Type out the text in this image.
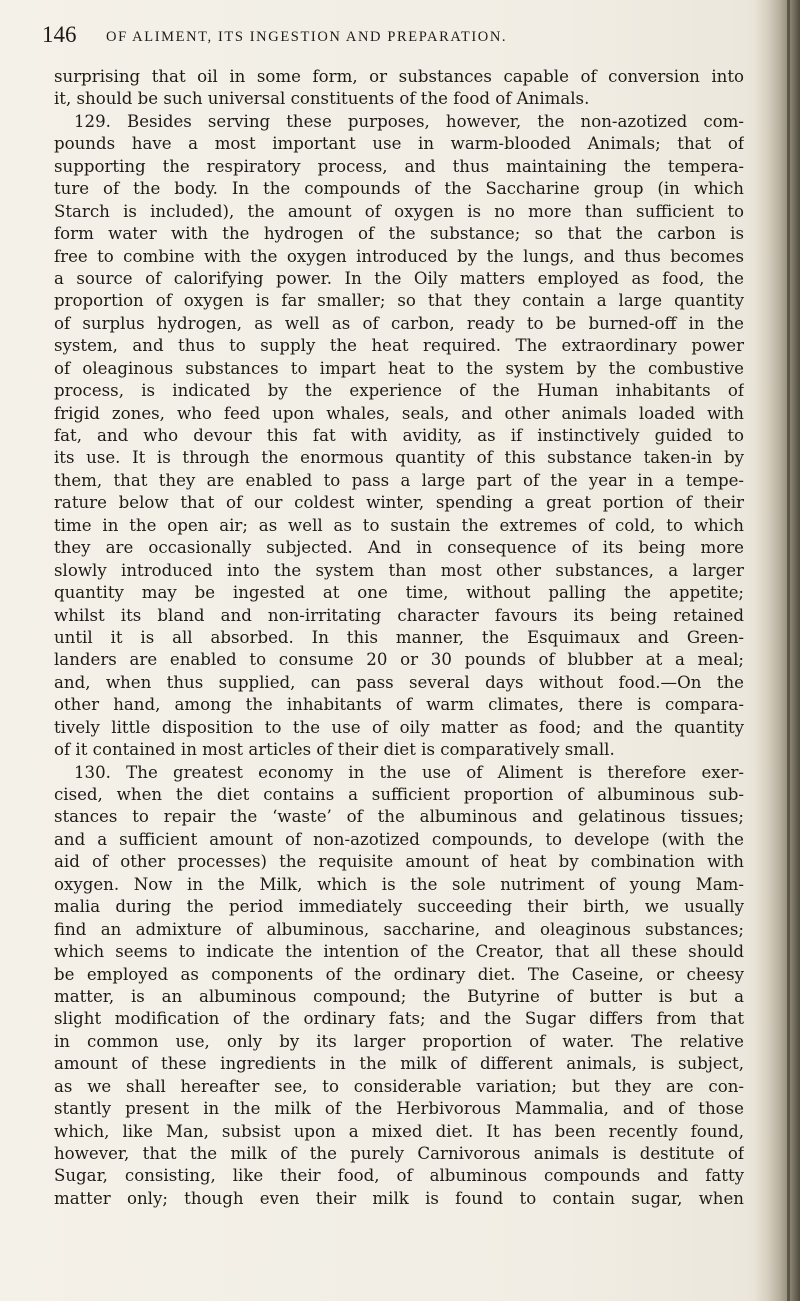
146 OF ALIMENT, ITS INGESTION AND PREPARATION.
surprising that oil in some form, or substances capable of conversion into
it, should be such universal constituents of the food of Animals.
129. Besides serving these purposes, however, the non-azotized com-
pounds have a most important use in warm-blooded Animals; that of
supporting the respiratory process, and thus maintaining the tempera-
ture of the body. In the compounds of the Saccharine group (in which
Starch is included), the amount of oxygen is no more than sufficient to
form water with the hydrogen of the substance; so that the carbon is
free to combine with the oxygen introduced by the lungs, and thus becomes
a source of calorifying power. In the Oily matters employed as food, the
proportion of oxygen is far smaller; so that they contain a large quantity
of surplus hydrogen, as well as of carbon, ready to be burned-off in the
system, and thus to supply the heat required. The extraordinary power
of oleaginous substances to impart heat to the system by the combustive
process, is indicated by the experience of the Human inhabitants of
frigid zones, who feed upon whales, seals, and other animals loaded with
fat, and who devour this fat with avidity, as if instinctively guided to
its use. It is through the enormous quantity of this substance taken-in by
them, that they are enabled to pass a large part of the year in a tempe-
rature below that of our coldest winter, spending a great portion of their
time in the open air; as well as to sustain the extremes of cold, to which
they are occasionally subjected. And in consequence of its being more
slowly introduced into the system than most other substances, a larger
quantity may be ingested at one time, without palling the appetite;
whilst its bland and non-irritating character favours its being retained
until it is all absorbed. In this manner, the Esquimaux and Green-
landers are enabled to consume 20 or 30 pounds of blubber at a meal;
and, when thus supplied, can pass several days without food.—On the
other hand, among the inhabitants of warm climates, there is compara-
tively little disposition to the use of oily matter as food; and the quantity
of it contained in most articles of their diet is comparatively small.
130. The greatest economy in the use of Aliment is therefore exer-
cised, when the diet contains a sufficient proportion of albuminous sub-
stances to repair the ‘waste’ of the albuminous and gelatinous tissues;
and a sufficient amount of non-azotized compounds, to develope (with the
aid of other processes) the requisite amount of heat by combination with
oxygen. Now in the Milk, which is the sole nutriment of young Mam-
malia during the period immediately succeeding their birth, we usually
find an admixture of albuminous, saccharine, and oleaginous substances;
which seems to indicate the intention of the Creator, that all these should
be employed as components of the ordinary diet. The Caseine, or cheesy
matter, is an albuminous compound; the Butyrine of butter is but a
slight modification of the ordinary fats; and the Sugar differs from that
in common use, only by its larger proportion of water. The relative
amount of these ingredients in the milk of different animals, is subject,
as we shall hereafter see, to considerable variation; but they are con-
stantly present in the milk of the Herbivorous Mammalia, and of those
which, like Man, subsist upon a mixed diet. It has been recently found,
however, that the milk of the purely Carnivorous animals is destitute of
Sugar, consisting, like their food, of albuminous compounds and fatty
matter only; though even their milk is found to contain sugar, when
